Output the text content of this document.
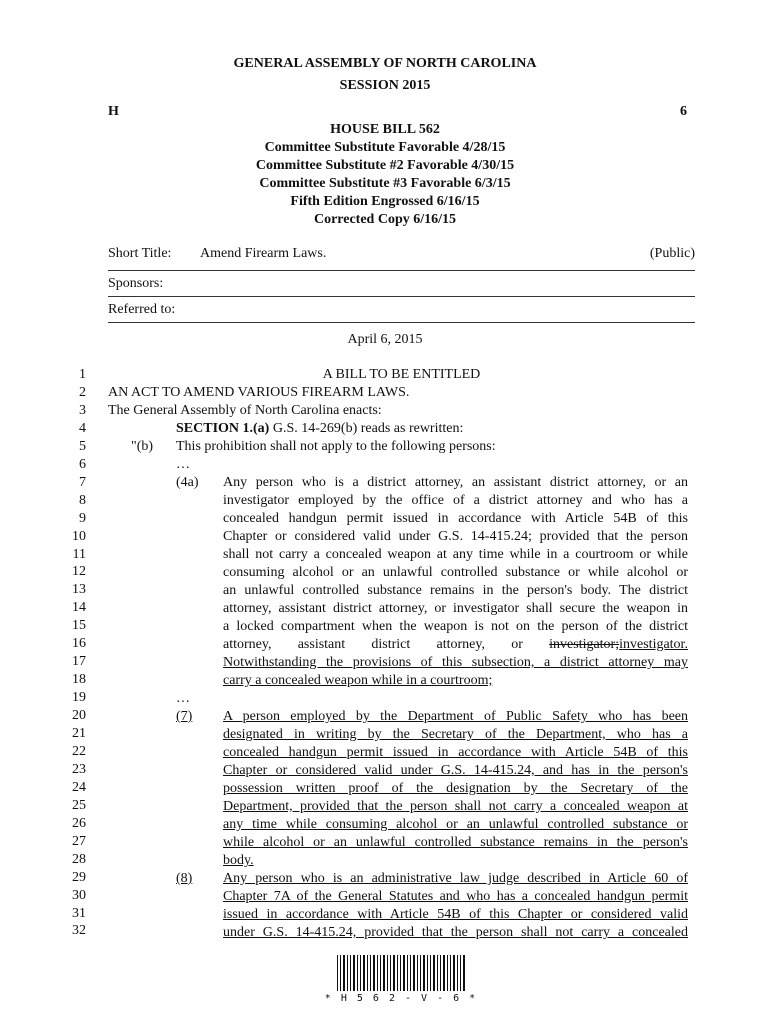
GENERAL ASSEMBLY OF NORTH CAROLINA
SESSION 2015
H	6
HOUSE BILL 562
Committee Substitute Favorable 4/28/15
Committee Substitute #2 Favorable 4/30/15
Committee Substitute #3 Favorable 6/3/15
Fifth Edition Engrossed 6/16/15
Corrected Copy 6/16/15
Short Title: Amend Firearm Laws.	(Public)
Sponsors:
Referred to:
April 6, 2015
1
2
3
4
5
6
7
8
9
10
11
12
13
14
15
16
17
18
19
20
21
22
23
24
25
26
27
28
29
30
31
32
A BILL TO BE ENTITLED
AN ACT TO AMEND VARIOUS FIREARM LAWS.
The General Assembly of North Carolina enacts:
SECTION 1.(a) G.S. 14-269(b) reads as rewritten:
"(b) This prohibition shall not apply to the following persons:
…
(4a) Any person who is a district attorney, an assistant district attorney, or an
investigator employed by the office of a district attorney and who has a
concealed handgun permit issued in accordance with Article 54B of this
Chapter or considered valid under G.S. 14-415.24; provided that the person
shall not carry a concealed weapon at any time while in a courtroom or while
consuming alcohol or an unlawful controlled substance or while alcohol or
an unlawful controlled substance remains in the person's body. The district
attorney, assistant district attorney, or investigator shall secure the weapon in
a locked compartment when the weapon is not on the person of the district
attorney, assistant district attorney, or investigator;investigator.
Notwithstanding the provisions of this subsection, a district attorney may
carry a concealed weapon while in a courtroom;
…
(7) A person employed by the Department of Public Safety who has been
designated in writing by the Secretary of the Department, who has a
concealed handgun permit issued in accordance with Article 54B of this
Chapter or considered valid under G.S. 14-415.24, and has in the person's
possession written proof of the designation by the Secretary of the
Department, provided that the person shall not carry a concealed weapon at
any time while consuming alcohol or an unlawful controlled substance or
while alcohol or an unlawful controlled substance remains in the person's
body.
(8) Any person who is an administrative law judge described in Article 60 of
Chapter 7A of the General Statutes and who has a concealed handgun permit
issued in accordance with Article 54B of this Chapter or considered valid
under G.S. 14-415.24, provided that the person shall not carry a concealed
* H 5 6 2 - V - 6 *
